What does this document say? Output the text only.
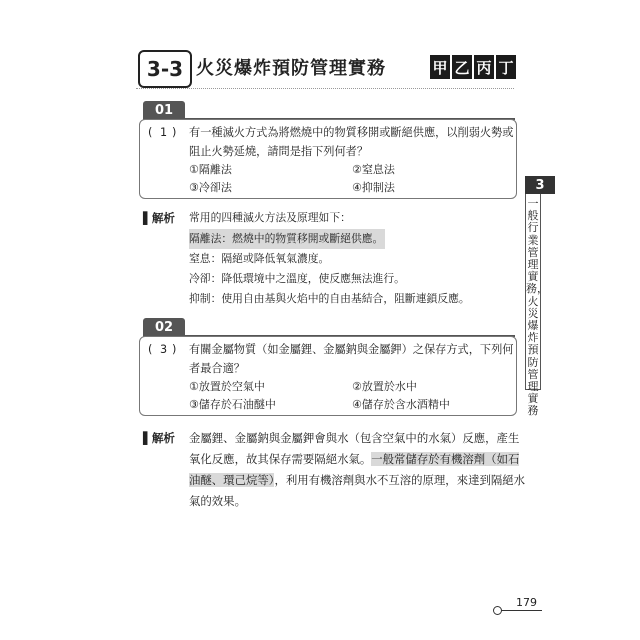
3-3 火災爆炸預防管理實務	甲 乙 丙 丁
01
( 1 ) 有一種滅火方式為將燃燒中的物質移開或斷絕供應，以削弱火勢或
阻止火勢延燒，請問是指下列何者？
①隔離法	②窒息法
③冷卻法	④抑制法
▌解析 常用的四種滅火方法及原理如下：
隔離法：燃燒中的物質移開或斷絕供應。
窒息：隔絕或降低氧氣濃度。
冷卻：降低環境中之溫度，使反應無法進行。
抑制：使用自由基與火焰中的自由基結合，阻斷連鎖反應。
02
( 3 ) 有關金屬物質（如金屬鋰、金屬鈉與金屬鉀）之保存方式，下列何
者最合適？
①放置於空氣中	②放置於水中
③儲存於石油醚中	④儲存於含水酒精中
▌解析 金屬鋰、金屬鈉與金屬鉀會與水（包含空氣中的水氣）反應，產生
氧化反應，故其保存需要隔絕水氣。一般常儲存於有機溶劑（如石
油醚、環己烷等），利用有機溶劑與水不互溶的原理，來達到隔絕水
氣的效果。
3
一般行業管理實務，火災爆炸預防管理實務
179
